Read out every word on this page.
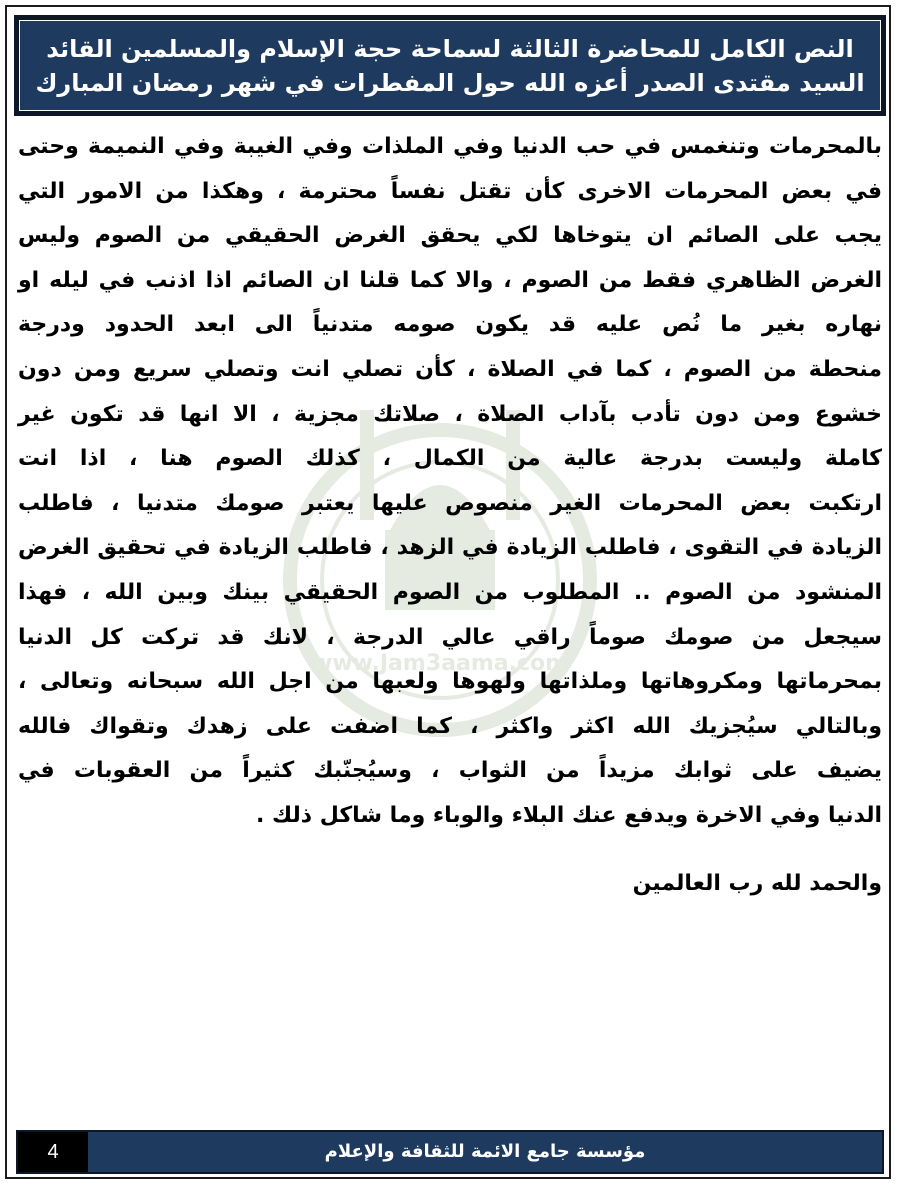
النص الكامل للمحاضرة الثالثة لسماحة حجة الإسلام والمسلمين القائد
السيد مقتدى الصدر أعزه الله حول المفطرات في شهر رمضان المبارك
www.Jam3aama.com
بالمحرمات وتنغمس في حب الدنيا وفي الملذات وفي الغيبة وفي النميمة وحتى
في بعض المحرمات الاخرى كأن تقتل نفساً محترمة ، وهكذا من الامور التي
يجب على الصائم ان يتوخاها لكي يحقق الغرض الحقيقي من الصوم وليس
الغرض الظاهري فقط من الصوم ، والا كما قلنا ان الصائم اذا اذنب في ليله او
نهاره بغير ما نُص عليه قد يكون صومه متدنياً الى ابعد الحدود ودرجة
منحطة من الصوم ، كما في الصلاة ، كأن تصلي انت وتصلي سريع ومن دون
خشوع ومن دون تأدب بآداب الصلاة ، صلاتك مجزية ، الا انها قد تكون غير
كاملة وليست بدرجة عالية من الكمال ، كذلك الصوم هنا ، اذا انت
ارتكبت بعض المحرمات الغير منصوص عليها يعتبر صومك متدنيا ، فاطلب
الزيادة في التقوى ، فاطلب الزيادة في الزهد ، فاطلب الزيادة في تحقيق الغرض
المنشود من الصوم .. المطلوب من الصوم الحقيقي بينك وبين الله ، فهذا
سيجعل من صومك صوماً راقي عالي الدرجة ، لانك قد تركت كل الدنيا
بمحرماتها ومكروهاتها وملذاتها ولهوها ولعبها من اجل الله سبحانه وتعالى ،
وبالتالي سيُجزيك الله اكثر واكثر ، كما اضفت على زهدك وتقواك فالله
يضيف على ثوابك مزيداً من الثواب ، وسيُجنّبك كثيراً من العقوبات في
الدنيا وفي الاخرة ويدفع عنك البلاء والوباء وما شاكل ذلك .
والحمد لله رب العالمين
4	مؤسسة جامع الائمة للثقافة والإعلام
